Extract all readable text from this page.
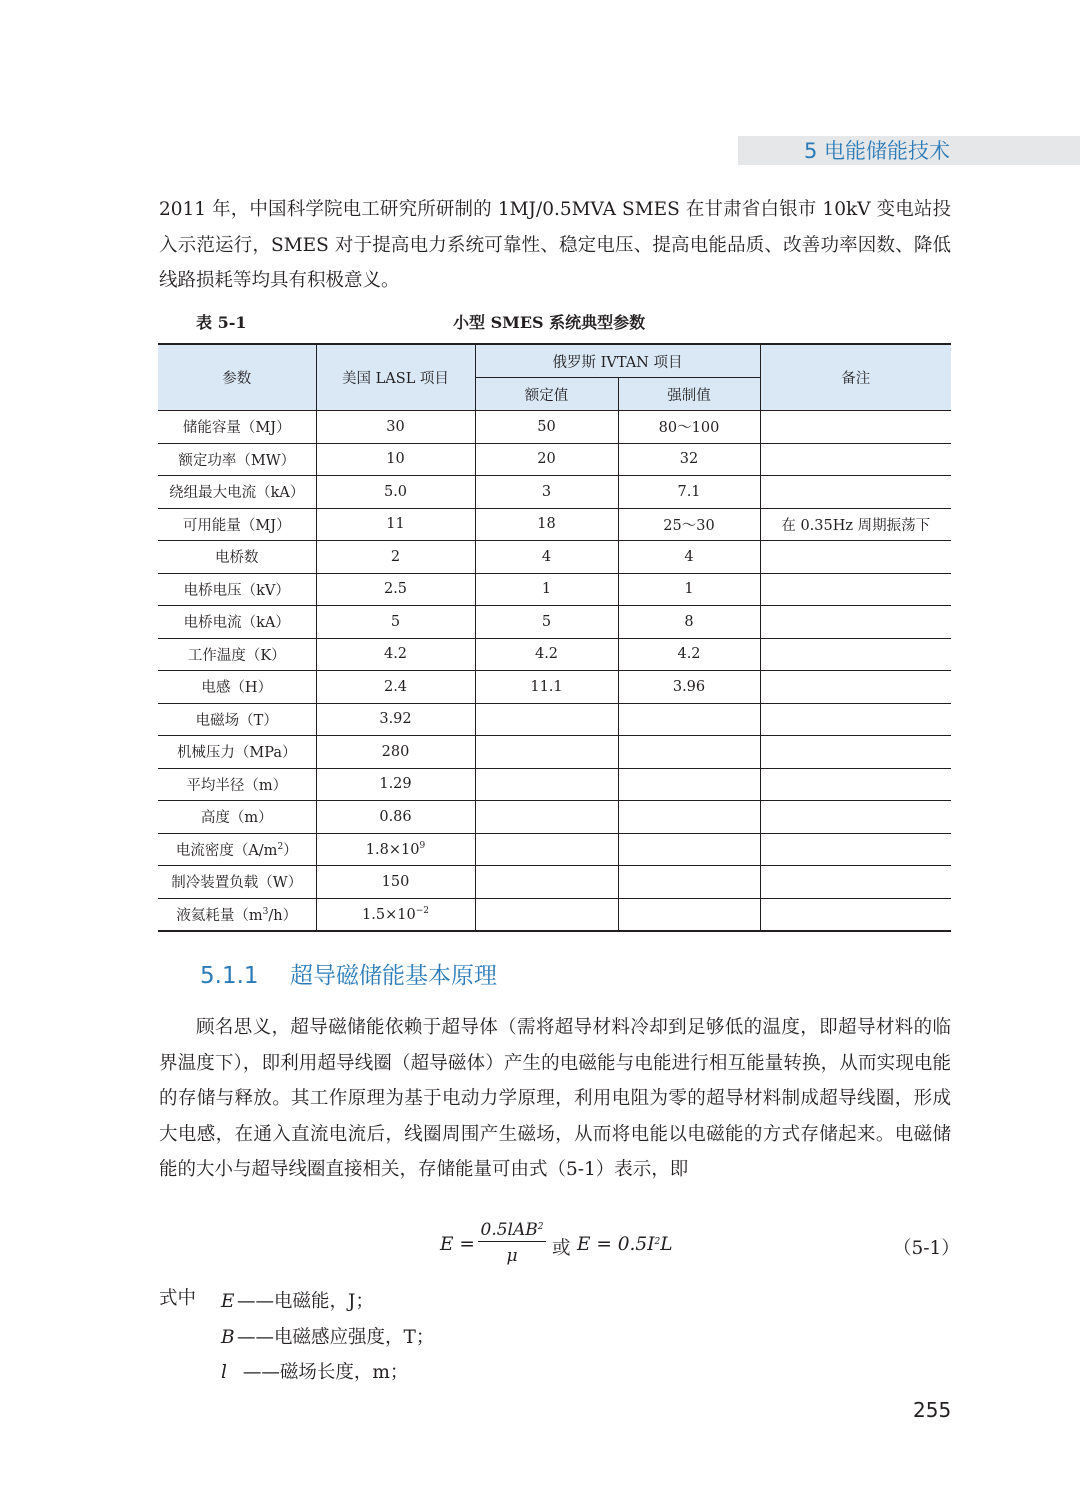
5 电能储能技术

2011 年，中国科学院电工研究所研制的 1MJ/0.5MVA SMES 在甘肃省白银市 10kV 变电站投入示范运行，SMES 对于提高电力系统可靠性、稳定电压、提高电能品质、改善功率因数、降低线路损耗等均具有积极意义。

表 5-1	小型 SMES 系统典型参数
参数	美国 LASL 项目	俄罗斯 IVTAN 项目		备注
		额定值	强制值	
储能容量（MJ）	30	50	80～100	
额定功率（MW）	10	20	32	
绕组最大电流（kA）	5.0	3	7.1	
可用能量（MJ）	11	18	25～30	在 0.35Hz 周期振荡下
电桥数	2	4	4	
电桥电压（kV）	2.5	1	1	
电桥电流（kA）	5	5	8	
工作温度（K）	4.2	4.2	4.2	
电感（H）	2.4	11.1	3.96	
电磁场（T）	3.92			
机械压力（MPa）	280			
平均半径（m）	1.29			
高度（m）	0.86			
电流密度$(A/m^2)$	$1.8\times 10^9$			
制冷装置负载（W）	150			
液氦耗量$(m^3/h)$	$1.5\times 10^{-2}$			
5.1.1 超导磁储能基本原理

顾名思义，超导磁储能依赖于超导体（需将超导材料冷却到足够低的温度，即超导材料的临界温度下），即利用超导线圈（超导磁体）产生的电磁能与电能进行相互能量转换，从而实现电能的存储与释放。其工作原理为基于电动力学原理，利用电阻为零的超导材料制成超导线圈，形成大电感，在通入直流电流后，线圈周围产生磁场，从而将电能以电磁能的方式存储起来。电磁储能的大小与超导线圈直接相关，存储能量可由式（5-1）表示，即

E =
0.5lAB$^2$
μ	或 $E = 0.5I^2L$	（5-1）
式中 E ——电磁能，J；
B ——电磁感应强度，T；
l ——磁场长度，m；
255
